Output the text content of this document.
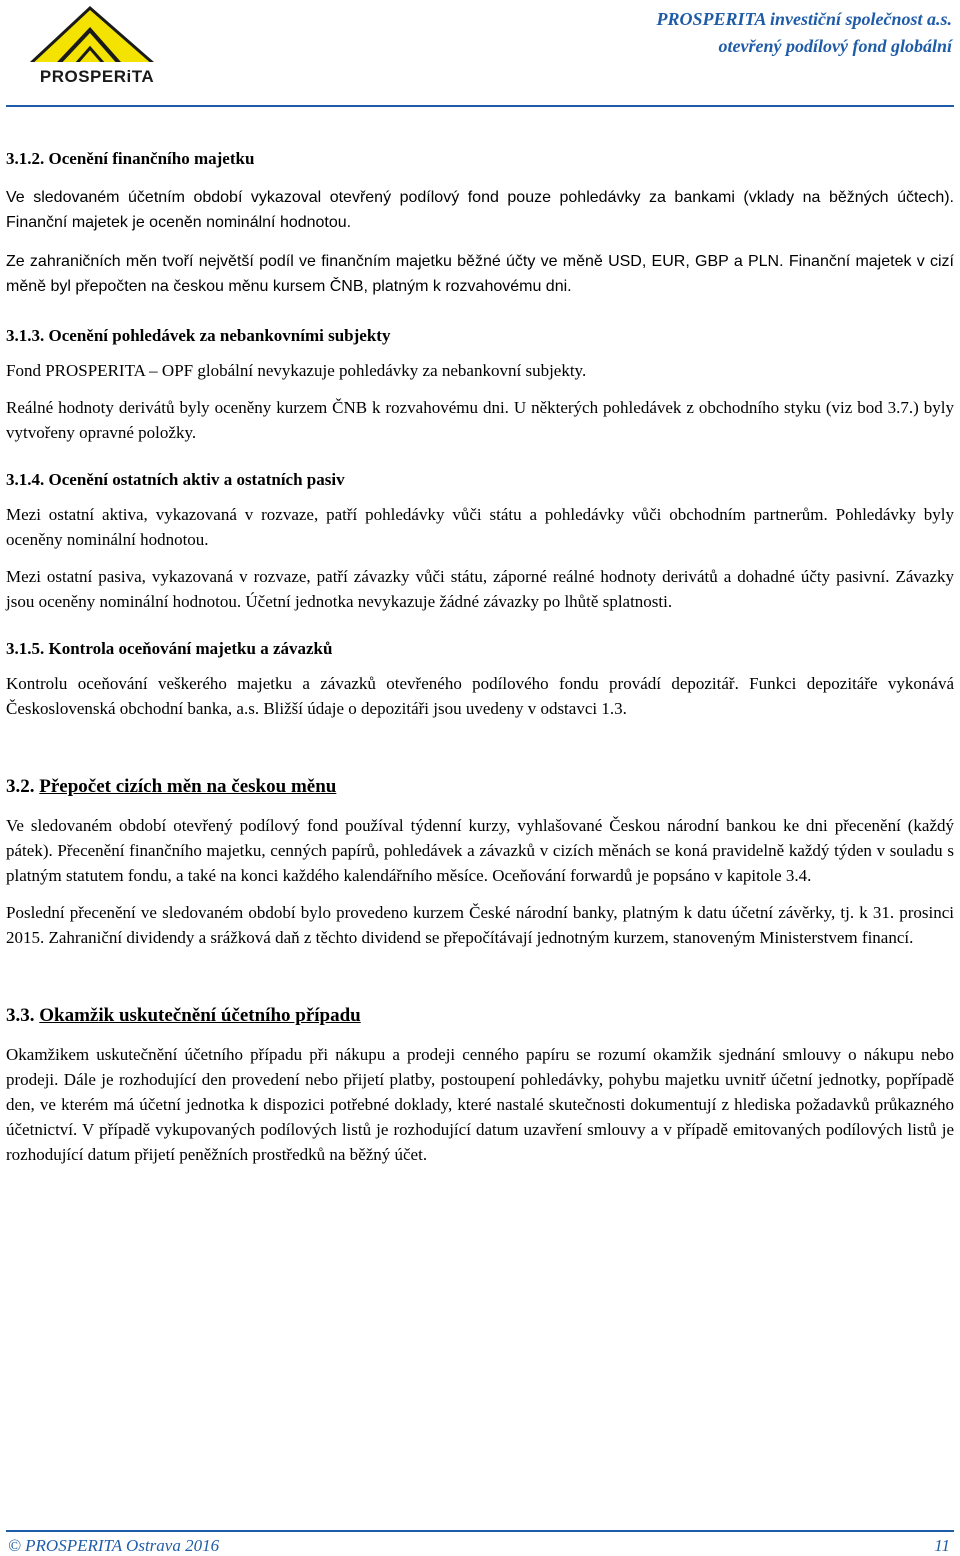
PROSPERiTA
PROSPERITA investiční společnost a.s.
otevřený podílový fond globální
3.1.2. Ocenění finančního majetku

Ve sledovaném účetním období vykazoval otevřený podílový fond pouze pohledávky za bankami (vklady na běžných účtech). Finanční majetek je oceněn nominální hodnotou.

Ze zahraničních měn tvoří největší podíl ve finančním majetku běžné účty ve měně USD, EUR, GBP a PLN. Finanční majetek v cizí měně byl přepočten na českou měnu kursem ČNB, platným k rozvahovému dni.

3.1.3. Ocenění pohledávek za nebankovními subjekty

Fond PROSPERITA – OPF globální nevykazuje pohledávky za nebankovní subjekty.

Reálné hodnoty derivátů byly oceněny kurzem ČNB k rozvahovému dni. U některých pohledávek z obchodního styku (viz bod 3.7.) byly vytvořeny opravné položky.

3.1.4. Ocenění ostatních aktiv a ostatních pasiv

Mezi ostatní aktiva, vykazovaná v rozvaze, patří pohledávky vůči státu a pohledávky vůči obchodním partnerům. Pohledávky byly oceněny nominální hodnotou.

Mezi ostatní pasiva, vykazovaná v rozvaze, patří závazky vůči státu, záporné reálné hodnoty derivátů a dohadné účty pasivní. Závazky jsou oceněny nominální hodnotou. Účetní jednotka nevykazuje žádné závazky po lhůtě splatnosti.

3.1.5. Kontrola oceňování majetku a závazků

Kontrolu oceňování veškerého majetku a závazků otevřeného podílového fondu provádí depozitář. Funkci depozitáře vykonává Československá obchodní banka, a.s. Bližší údaje o depozitáři jsou uvedeny v odstavci 1.3.

3.2. Přepočet cizích měn na českou měnu

Ve sledovaném období otevřený podílový fond používal týdenní kurzy, vyhlašované Českou národní bankou ke dni přecenění (každý pátek). Přecenění finančního majetku, cenných papírů, pohledávek a závazků v cizích měnách se koná pravidelně každý týden v souladu s platným statutem fondu, a také na konci každého kalendářního měsíce. Oceňování forwardů je popsáno v kapitole 3.4.

Poslední přecenění ve sledovaném období bylo provedeno kurzem České národní banky, platným k datu účetní závěrky, tj. k 31. prosinci 2015. Zahraniční dividendy a srážková daň z těchto dividend se přepočítávají jednotným kurzem, stanoveným Ministerstvem financí.

3.3. Okamžik uskutečnění účetního případu

Okamžikem uskutečnění účetního případu při nákupu a prodeji cenného papíru se rozumí okamžik sjednání smlouvy o nákupu nebo prodeji. Dále je rozhodující den provedení nebo přijetí platby, postoupení pohledávky, pohybu majetku uvnitř účetní jednotky, popřípadě den, ve kterém má účetní jednotka k dispozici potřebné doklady, které nastalé skutečnosti dokumentují z hlediska požadavků průkazného účetnictví. V případě vykupovaných podílových listů je rozhodující datum uzavření smlouvy a v případě emitovaných podílových listů je rozhodující datum přijetí peněžních prostředků na běžný účet.

© PROSPERITA Ostrava 2016	11
